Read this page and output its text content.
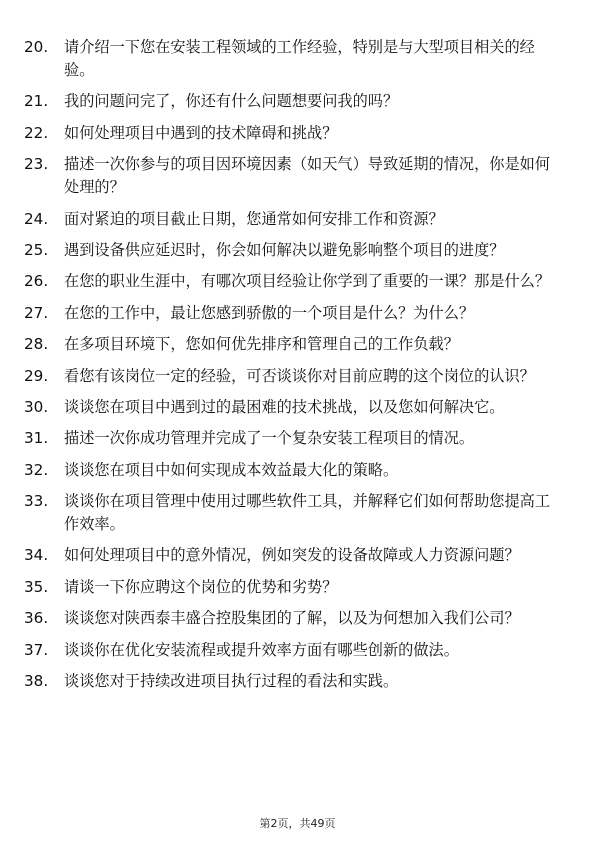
20.	请介绍一下您在安装工程领域的工作经验，特别是与大型项目相关的经验。
21.	我的问题问完了，你还有什么问题想要问我的吗？
22.	如何处理项目中遇到的技术障碍和挑战？
23.	描述一次你参与的项目因环境因素（如天气）导致延期的情况，你是如何处理的？
24.	面对紧迫的项目截止日期，您通常如何安排工作和资源？
25.	遇到设备供应延迟时，你会如何解决以避免影响整个项目的进度？
26.	在您的职业生涯中，有哪次项目经验让你学到了重要的一课？那是什么？
27.	在您的工作中，最让您感到骄傲的一个项目是什么？为什么？
28.	在多项目环境下，您如何优先排序和管理自己的工作负载？
29.	看您有该岗位一定的经验，可否谈谈你对目前应聘的这个岗位的认识？
30.	谈谈您在项目中遇到过的最困难的技术挑战，以及您如何解决它。
31.	描述一次你成功管理并完成了一个复杂安装工程项目的情况。
32.	谈谈您在项目中如何实现成本效益最大化的策略。
33.	谈谈你在项目管理中使用过哪些软件工具，并解释它们如何帮助您提高工作效率。
34.	如何处理项目中的意外情况，例如突发的设备故障或人力资源问题？
35.	请谈一下你应聘这个岗位的优势和劣势？
36.	谈谈您对陕西泰丰盛合控股集团的了解，以及为何想加入我们公司？
37.	谈谈你在优化安装流程或提升效率方面有哪些创新的做法。
38.	谈谈您对于持续改进项目执行过程的看法和实践。
第2页，共49页
